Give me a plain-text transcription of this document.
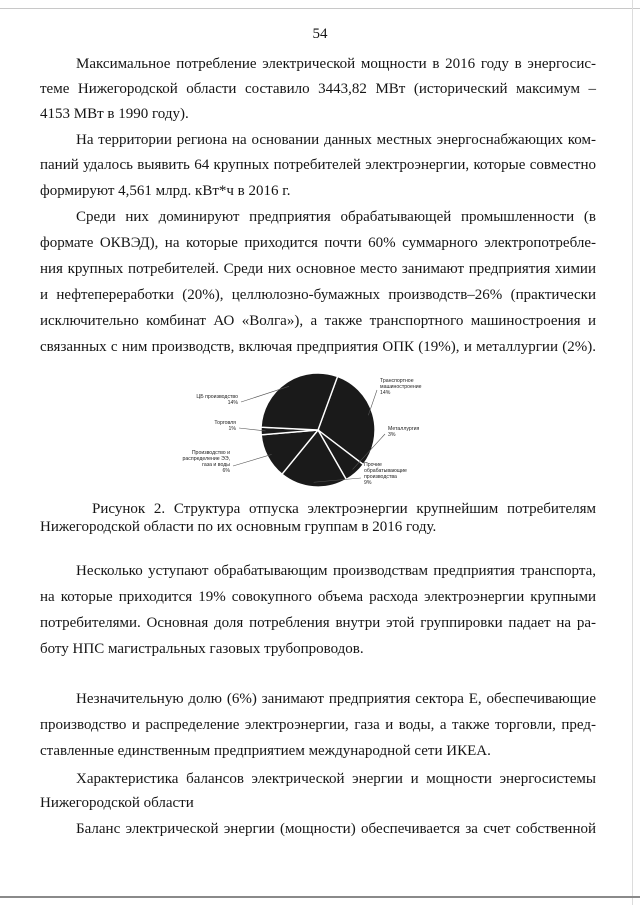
54
Максимальное потребление электрической мощности в 2016 году в энергосис-
теме Нижегородской области составило 3443,82 МВт (исторический максимум –
4153 МВт в 1990 году).
На территории региона на основании данных местных энергоснабжающих ком-
паний удалось выявить 64 крупных потребителей электроэнергии, которые совместно
формируют 4,561 млрд. кВт*ч в 2016 г.
Среди них доминируют предприятия обрабатывающей промышленности (в
формате ОКВЭД), на которые приходится почти 60% суммарного электропотребле-
ния крупных потребителей. Среди них основное место занимают предприятия химии
и нефтепереработки (20%), целлюлозно-бумажных производств–26% (практически
исключительно комбинат АО «Волга»), а также транспортного машиностроения и
связанных с ним производств, включая предприятия ОПК (19%), и металлургии (2%).
Транспортное машиностроение 14%
Металлургия 3%
Прочие обрабатывающие производства 9%
Производство и распределение ЭЭ, газа и воды 6%
Торговля 1%
ЦБ производство 14%
Рисунок 2. Структура отпуска электроэнергии крупнейшим потребителям
Нижегородской области по их основным группам в 2016 году.
Несколько уступают обрабатывающим производствам предприятия транспорта,
на которые приходится 19% совокупного объема расхода электроэнергии крупными
потребителями. Основная доля потребления внутри этой группировки падает на ра-
боту НПС магистральных газовых трубопроводов.
Незначительную долю (6%) занимают предприятия сектора Е, обеспечивающие
производство и распределение электроэнергии, газа и воды, а также торговли, пред-
ставленные единственным предприятием международной сети ИКЕА.
Характеристика балансов электрической энергии и мощности энергосистемы
Нижегородской области
Баланс электрической энергии (мощности) обеспечивается за счет собственной
